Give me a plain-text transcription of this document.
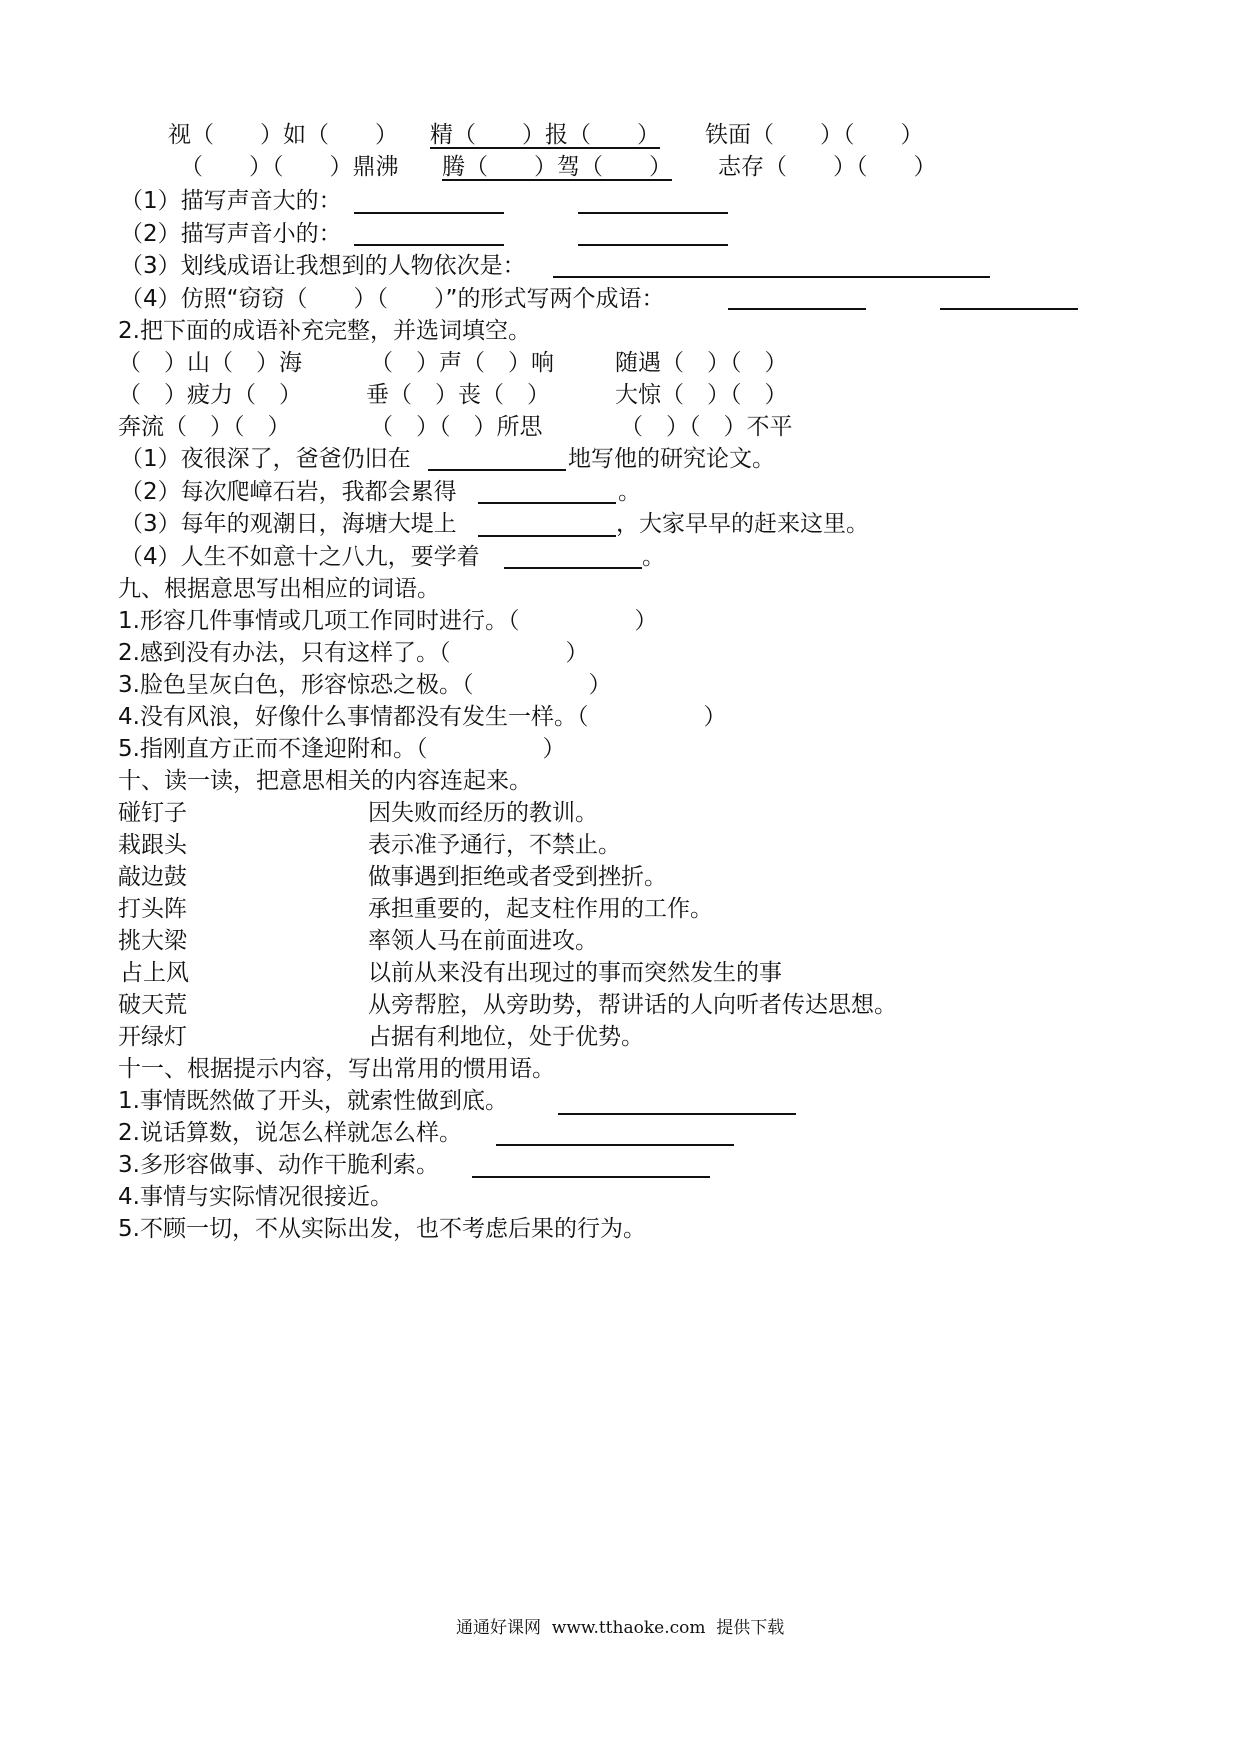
视（　　）如（　　） 精（　　）报（　　） 铁面（　　）（　　）
（　　）（　　）鼎沸 腾（　　）驾（　　） 志存（　　）（　　）
（1）描写声音大的：
（2）描写声音小的：
（3）划线成语让我想到的人物依次是：
（4）仿照“窃窃（　　）（　　）”的形式写两个成语：
2.把下面的成语补充完整，并选词填空。
（　）山（　）海	（　）声（　）响	随遇（　）（　）
（　）疲力（　）	垂（　）丧（　）	大惊（　）（　）
奔流（　）（　）	（　）（　）所思	（　）（　）不平
（1）夜很深了，爸爸仍旧在	地写他的研究论文。
（2）每次爬嶂石岩，我都会累得	。
（3）每年的观潮日，海塘大堤上	，大家早早的赶来这里。
（4）人生不如意十之八九，要学着	。
九、根据意思写出相应的词语。
1.形容几件事情或几项工作同时进行。（　　　　　）
2.感到没有办法，只有这样了。（　　　　　）
3.脸色呈灰白色，形容惊恐之极。（　　　　　）
4.没有风浪，好像什么事情都没有发生一样。（　　　　　）
5.指刚直方正而不逢迎附和。（　　　　　）
十、读一读，把意思相关的内容连起来。
碰钉子	因失败而经历的教训。
栽跟头	表示准予通行，不禁止。
敲边鼓	做事遇到拒绝或者受到挫折。
打头阵	承担重要的，起支柱作用的工作。
挑大梁	率领人马在前面进攻。
占上风	以前从来没有出现过的事而突然发生的事
破天荒	从旁帮腔，从旁助势，帮讲话的人向听者传达思想。
开绿灯	占据有利地位，处于优势。
十一、根据提示内容，写出常用的惯用语。
1.事情既然做了开头，就索性做到底。
2.说话算数，说怎么样就怎么样。
3.多形容做事、动作干脆利索。
4.事情与实际情况很接近。
5.不顾一切，不从实际出发，也不考虑后果的行为。
通通好课网  www.tthaoke.com  提供下载
